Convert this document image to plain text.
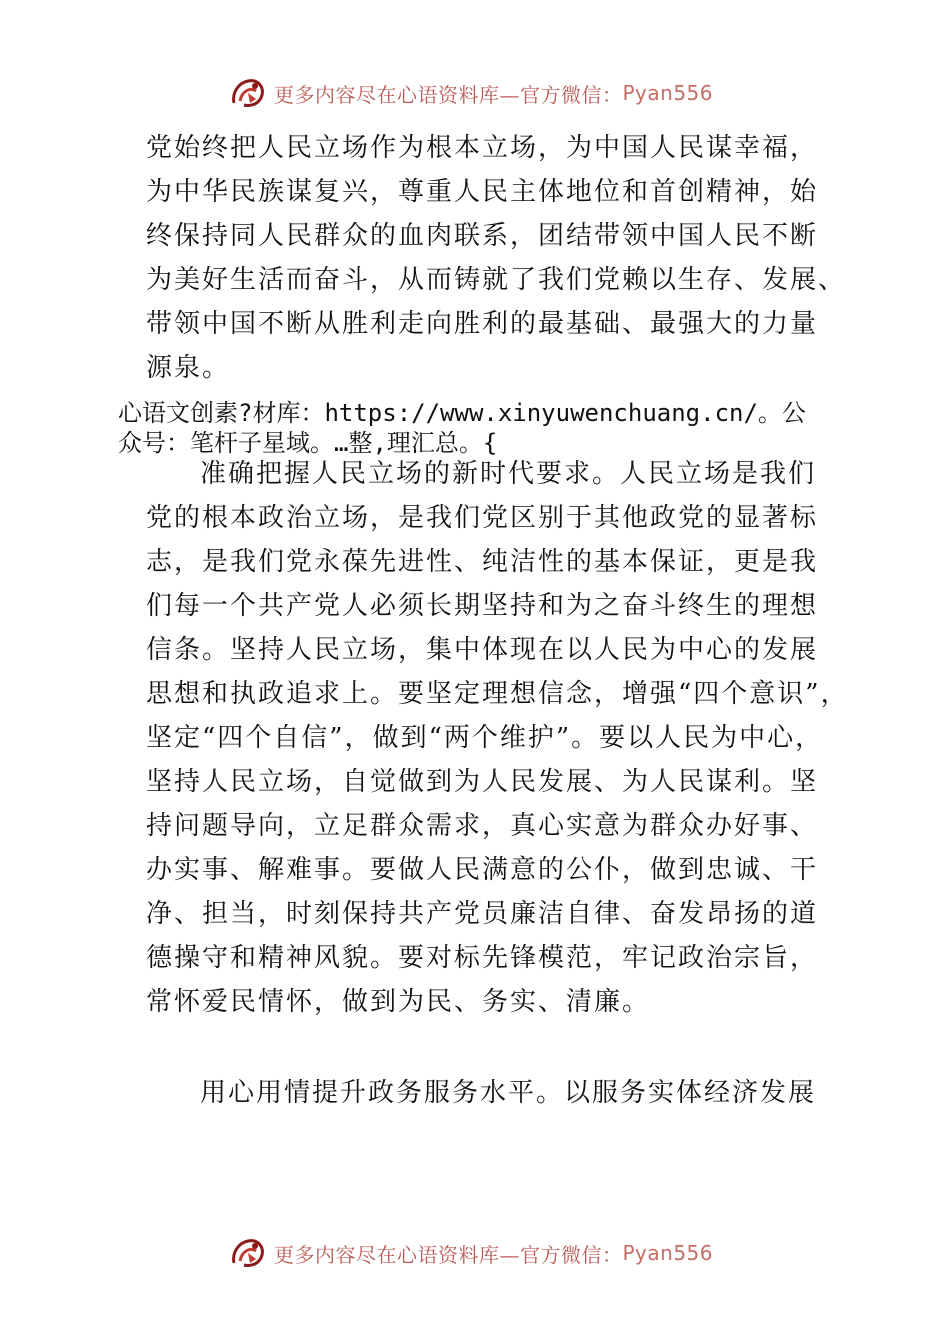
更多内容尽在心语资料库—官方微信： Pyan556
党始终把人民立场作为根本立场，为中国人民谋幸福，
为中华民族谋复兴，尊重人民主体地位和首创精神，始
终保持同人民群众的血肉联系，团结带领中国人民不断
为美好生活而奋斗，从而铸就了我们党赖以生存、发展、
带领中国不断从胜利走向胜利的最基础、最强大的力量
源泉。
心语文创素?材库：https://www.xinyuwenchuang.cn/。公
众号：笔杆子星域。…整,理汇总。{
准确把握人民立场的新时代要求。人民立场是我们
党的根本政治立场，是我们党区别于其他政党的显著标
志，是我们党永葆先进性、纯洁性的基本保证，更是我
们每一个共产党人必须长期坚持和为之奋斗终生的理想
信条。坚持人民立场，集中体现在以人民为中心的发展
思想和执政追求上。要坚定理想信念，增强“四个意识”，
坚定“四个自信”，做到“两个维护”。要以人民为中心，
坚持人民立场，自觉做到为人民发展、为人民谋利。坚
持问题导向，立足群众需求，真心实意为群众办好事、
办实事、解难事。要做人民满意的公仆，做到忠诚、干
净、担当，时刻保持共产党员廉洁自律、奋发昂扬的道
德操守和精神风貌。要对标先锋模范，牢记政治宗旨，
常怀爱民情怀，做到为民、务实、清廉。
用心用情提升政务服务水平。以服务实体经济发展
更多内容尽在心语资料库—官方微信： Pyan556
